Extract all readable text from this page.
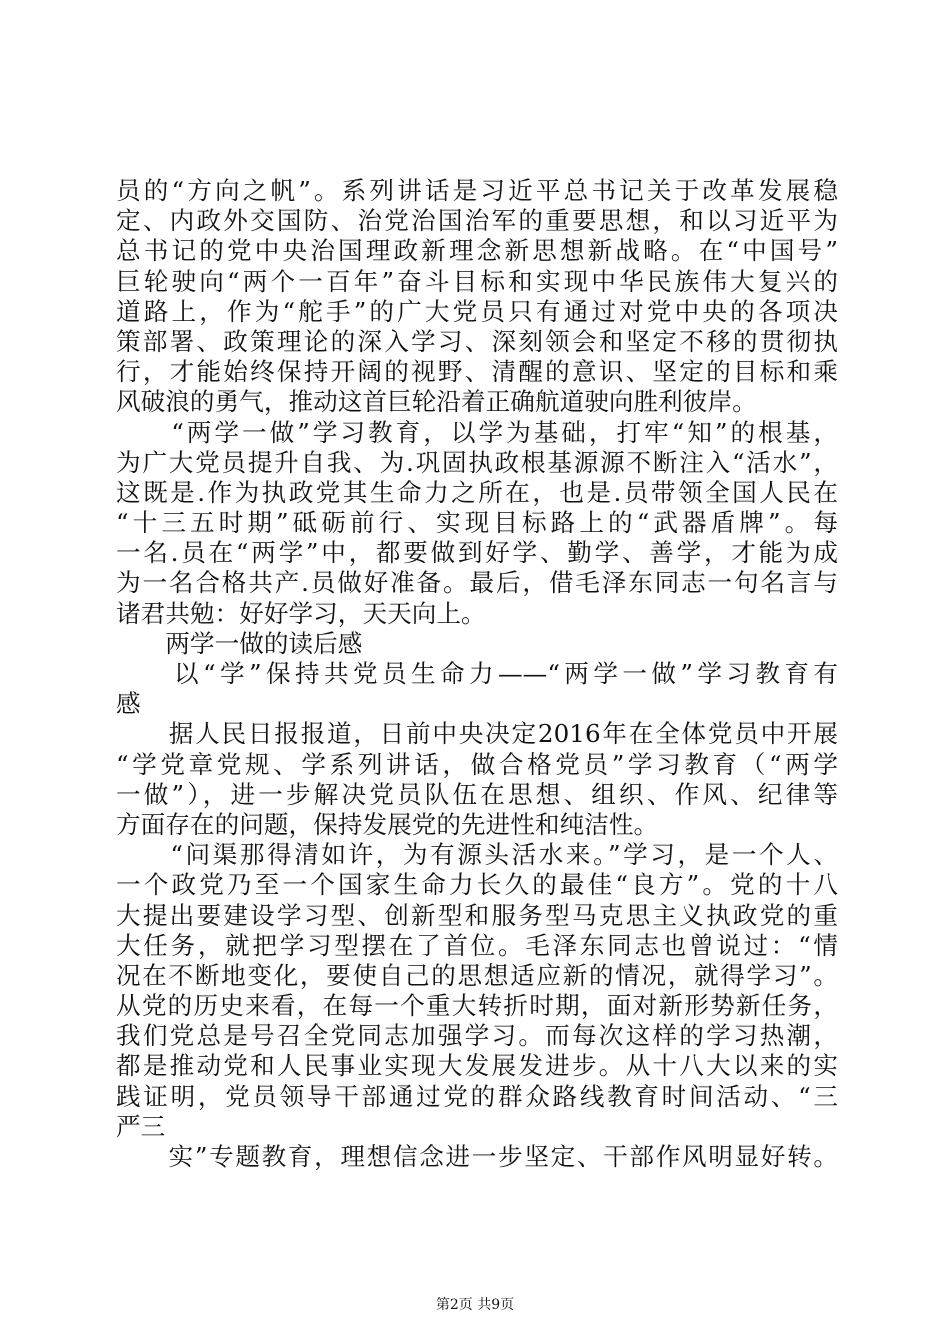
员的“方向之帆”。系列讲话是习近平总书记关于改革发展稳
定、内政外交国防、治党治国治军的重要思想，和以习近平为
总书记的党中央治国理政新理念新思想新战略。在“中国号”
巨轮驶向“两个一百年”奋斗目标和实现中华民族伟大复兴的
道路上，作为“舵手”的广大党员只有通过对党中央的各项决
策部署、政策理论的深入学习、深刻领会和坚定不移的贯彻执
行，才能始终保持开阔的视野、清醒的意识、坚定的目标和乘
风破浪的勇气，推动这首巨轮沿着正确航道驶向胜利彼岸。
　　“两学一做”学习教育，以学为基础，打牢“知”的根基，
为广大党员提升自我、为.巩固执政根基源源不断注入“活水”，
这既是.作为执政党其生命力之所在，也是.员带领全国人民在
“十三五时期”砥砺前行、实现目标路上的“武器盾牌”。每
一名.员在“两学”中，都要做到好学、勤学、善学，才能为成
为一名合格共产.员做好准备。最后，借毛泽东同志一句名言与
诸君共勉：好好学习，天天向上。
　　两学一做的读后感
　　以“学”保持共党员生命力——“两学一做”学习教育有
感
　　据人民日报报道，日前中央决定2016年在全体党员中开展
“学党章党规、学系列讲话，做合格党员”学习教育（“两学
一做”），进一步解决党员队伍在思想、组织、作风、纪律等
方面存在的问题，保持发展党的先进性和纯洁性。
　　“问渠那得清如许，为有源头活水来。”学习，是一个人、
一个政党乃至一个国家生命力长久的最佳“良方”。党的十八
大提出要建设学习型、创新型和服务型马克思主义执政党的重
大任务，就把学习型摆在了首位。毛泽东同志也曾说过：“情
况在不断地变化，要使自己的思想适应新的情况，就得学习”。
从党的历史来看，在每一个重大转折时期，面对新形势新任务，
我们党总是号召全党同志加强学习。而每次这样的学习热潮，
都是推动党和人民事业实现大发展发进步。从十八大以来的实
践证明，党员领导干部通过党的群众路线教育时间活动、“三
严三
　　实”专题教育，理想信念进一步坚定、干部作风明显好转。
第2页 共9页
